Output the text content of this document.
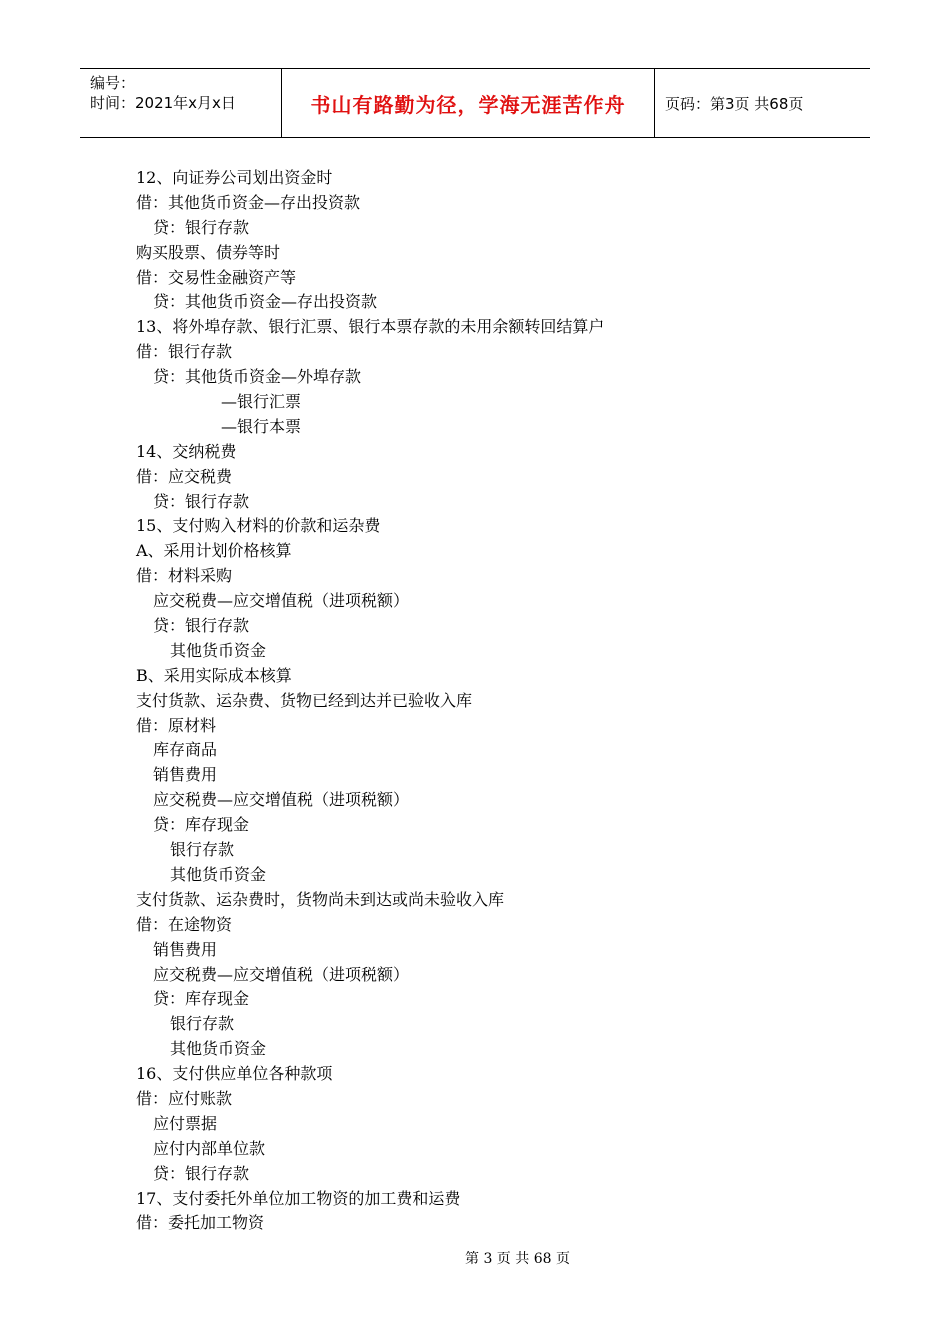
编号：
时间：2021年x月x日	书山有路勤为径，学海无涯苦作舟	页码：第3页 共68页
12、向证券公司划出资金时
借：其他货币资金—存出投资款
贷：银行存款
购买股票、债券等时
借：交易性金融资产等
贷：其他货币资金—存出投资款
13、将外埠存款、银行汇票、银行本票存款的未用余额转回结算户
借：银行存款
贷：其他货币资金—外埠存款
—银行汇票
—银行本票
14、交纳税费
借：应交税费
贷：银行存款
15、支付购入材料的价款和运杂费
A、采用计划价格核算
借：材料采购
应交税费—应交增值税（进项税额）
贷：银行存款
其他货币资金
B、采用实际成本核算
支付货款、运杂费、货物已经到达并已验收入库
借：原材料
库存商品
销售费用
应交税费—应交增值税（进项税额）
贷：库存现金
银行存款
其他货币资金
支付货款、运杂费时，货物尚未到达或尚未验收入库
借：在途物资
销售费用
应交税费—应交增值税（进项税额）
贷：库存现金
银行存款
其他货币资金
16、支付供应单位各种款项
借：应付账款
应付票据
应付内部单位款
贷：银行存款
17、支付委托外单位加工物资的加工费和运费
借：委托加工物资
第 3 页 共 68 页
